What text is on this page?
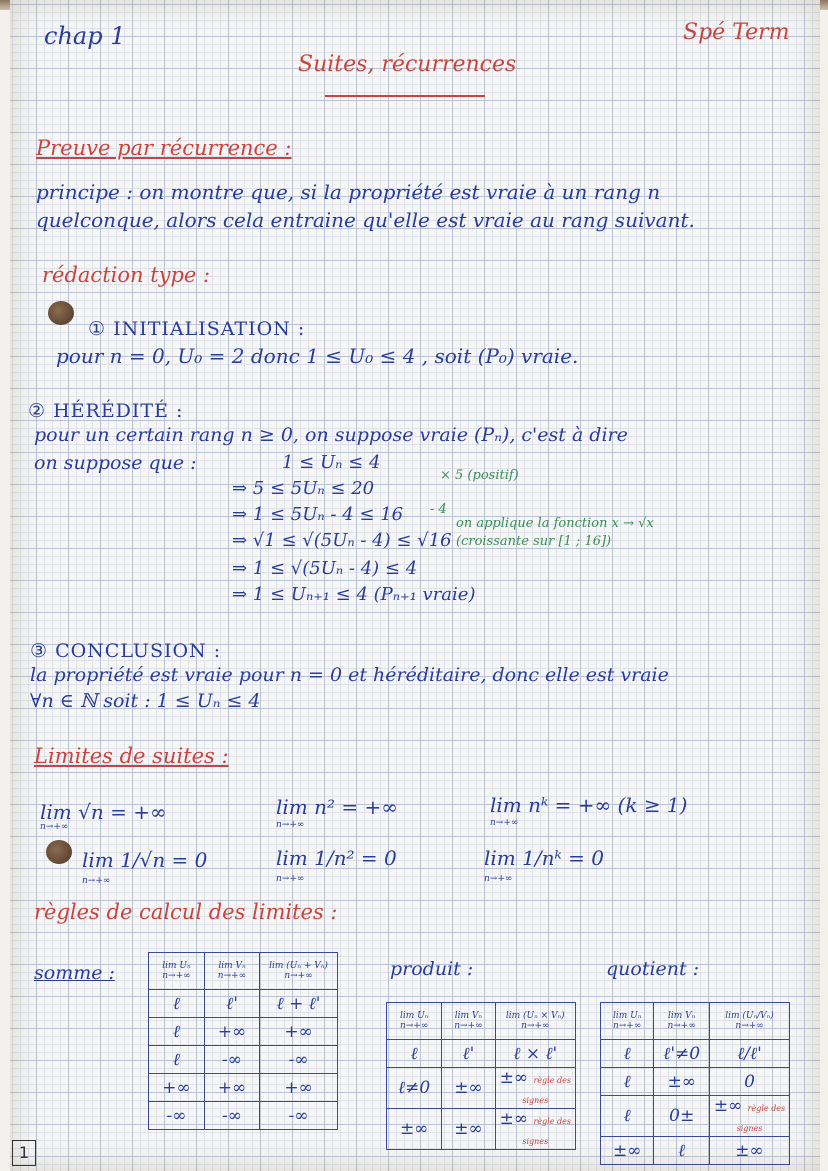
chap 1
Suites, récurrences
Spé Term
Preuve par récurrence :
principe : on montre que, si la propriété est vraie à un rang n
quelconque, alors cela entraine qu'elle est vraie au rang suivant.
rédaction type :
① INITIALISATION :
pour n = 0, U₀ = 2 donc 1 ≤ U₀ ≤ 4 , soit (P₀) vraie.
② HÉRÉDITÉ :
pour un certain rang n ≥ 0, on suppose vraie (Pₙ), c'est à dire
on suppose que :	1 ≤ Uₙ ≤ 4
⇒ 5 ≤ 5Uₙ ≤ 20
⇒ 1 ≤ 5Uₙ - 4 ≤ 16
⇒ √1 ≤ √(5Uₙ - 4) ≤ √16
⇒ 1 ≤ √(5Uₙ - 4) ≤ 4
⇒ 1 ≤ Uₙ₊₁ ≤ 4 (Pₙ₊₁ vraie)
× 5 (positif)
- 4
on applique la fonction x → √x
(croissante sur [1 ; 16])
③ CONCLUSION :
la propriété est vraie pour n = 0 et héréditaire, donc elle est vraie
∀n ∈ ℕ soit : 1 ≤ Uₙ ≤ 4
Limites de suites :
lim √n = +∞
n→+∞
lim n² = +∞
n→+∞
lim nᵏ = +∞ (k ≥ 1)
n→+∞
lim 1/√n = 0
n→+∞
lim 1/n² = 0
n→+∞
lim 1/nᵏ = 0
n→+∞
règles de calcul des limites :
somme :	produit :	quotient :
lim Uₙ n→+∞	lim Vₙ n→+∞	lim (Uₙ + Vₙ) n→+∞
ℓ	ℓ'	ℓ + ℓ'
ℓ	+∞	+∞
ℓ	-∞	-∞
+∞	+∞	+∞
-∞	-∞	-∞
lim Uₙ n→+∞	lim Vₙ n→+∞	lim (Uₙ × Vₙ) n→+∞
ℓ	ℓ'	ℓ × ℓ'
ℓ≠0	±∞	±∞ règle des signes
±∞	±∞	±∞ règle des signes
lim Uₙ n→+∞	lim Vₙ n→+∞	lim (Uₙ/Vₙ) n→+∞
ℓ	ℓ'≠0	ℓ/ℓ'
ℓ	±∞	0
ℓ	0±	±∞ règle des signes
±∞	ℓ	±∞
1
